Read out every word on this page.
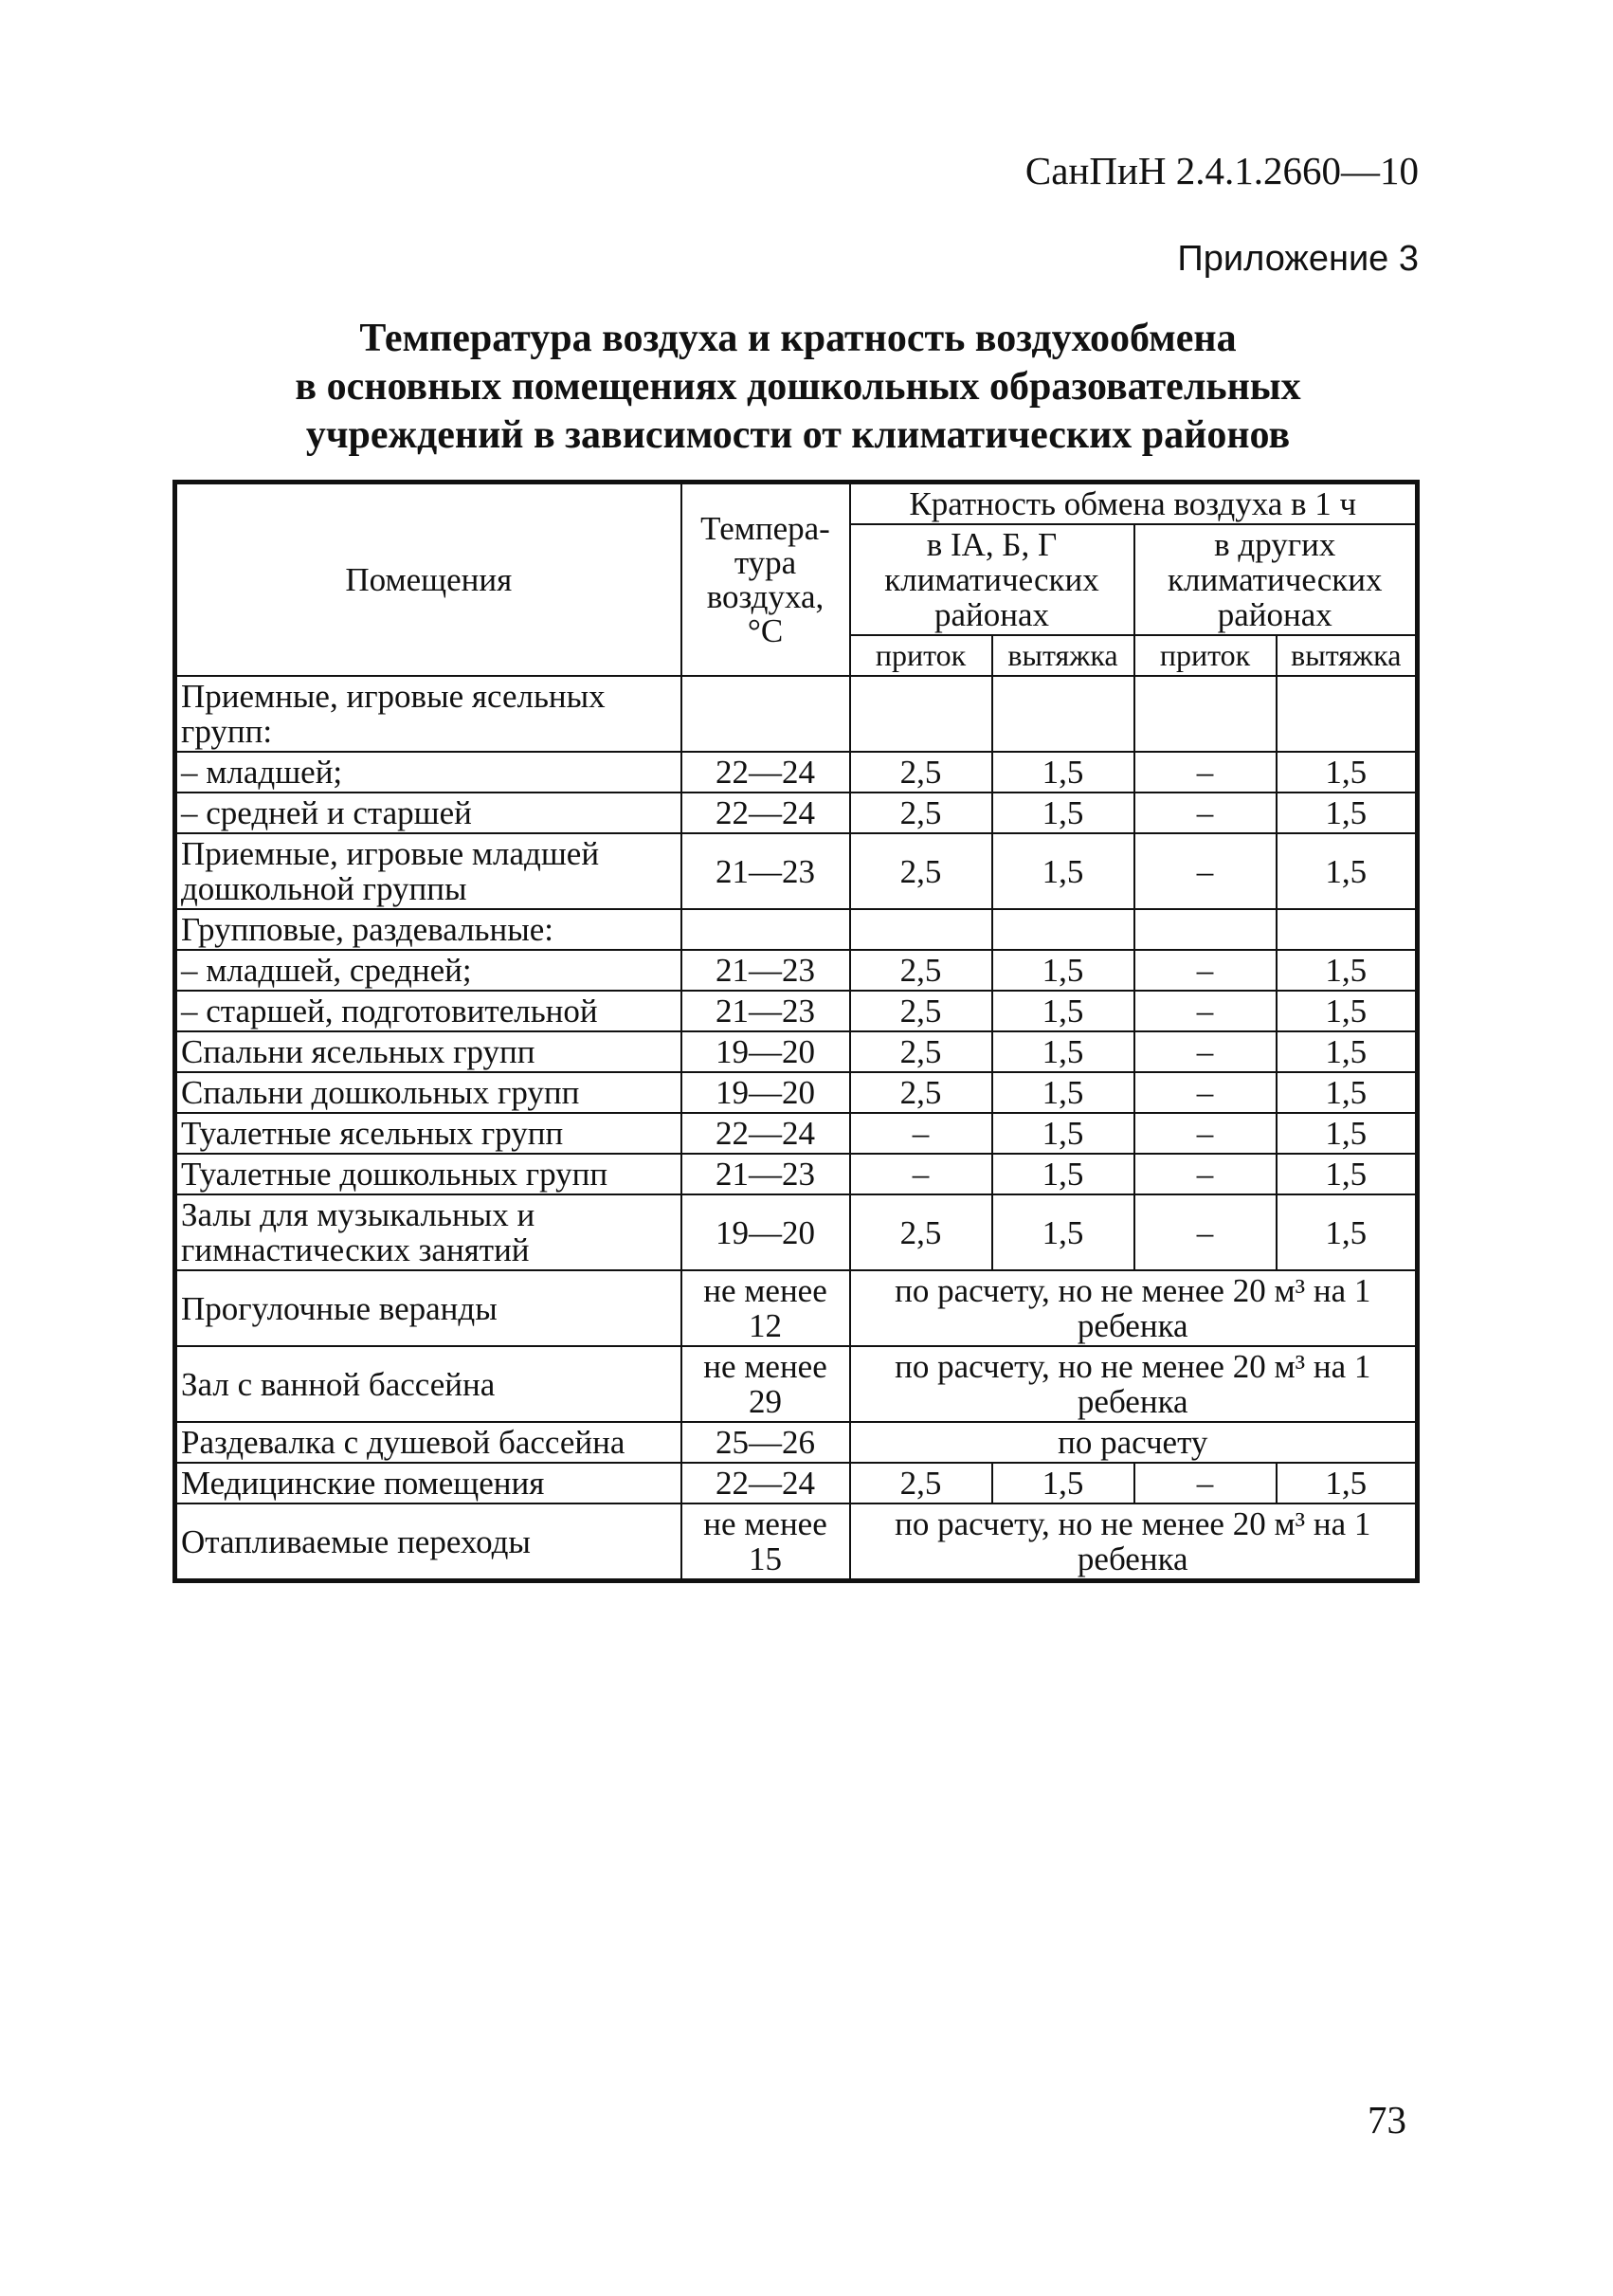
СанПиН 2.4.1.2660—10
Приложение 3
Температура воздуха и кратность воздухообмена
в основных помещениях дошкольных образовательных
учреждений в зависимости от климатических районов
Помещения	Темпера-тура воздуха, °С	Кратность обмена воздуха в 1 ч			
		в IA, Б, Г климатических районах		в других климатических районах	
		приток	вытяжка	приток	вытяжка
Приемные, игровые ясельных групп:					
– младшей;	22—24	2,5	1,5	–	1,5
– средней и старшей	22—24	2,5	1,5	–	1,5
Приемные, игровые младшей дошкольной группы	21—23	2,5	1,5	–	1,5
Групповые, раздевальные:					
– младшей, средней;	21—23	2,5	1,5	–	1,5
– старшей, подготовительной	21—23	2,5	1,5	–	1,5
Спальни ясельных групп	19—20	2,5	1,5	–	1,5
Спальни дошкольных групп	19—20	2,5	1,5	–	1,5
Туалетные ясельных групп	22—24	–	1,5	–	1,5
Туалетные дошкольных групп	21—23	–	1,5	–	1,5
Залы для музыкальных и гимнастических занятий	19—20	2,5	1,5	–	1,5
Прогулочные веранды	не менее 12	по расчету, но не менее 20 м³ на 1 ребенка			
Зал с ванной бассейна	не менее 29	по расчету, но не менее 20 м³ на 1 ребенка			
Раздевалка с душевой бассейна	25—26	по расчету			
Медицинские помещения	22—24	2,5	1,5	–	1,5
Отапливаемые переходы	не менее 15	по расчету, но не менее 20 м³ на 1 ребенка			
73
